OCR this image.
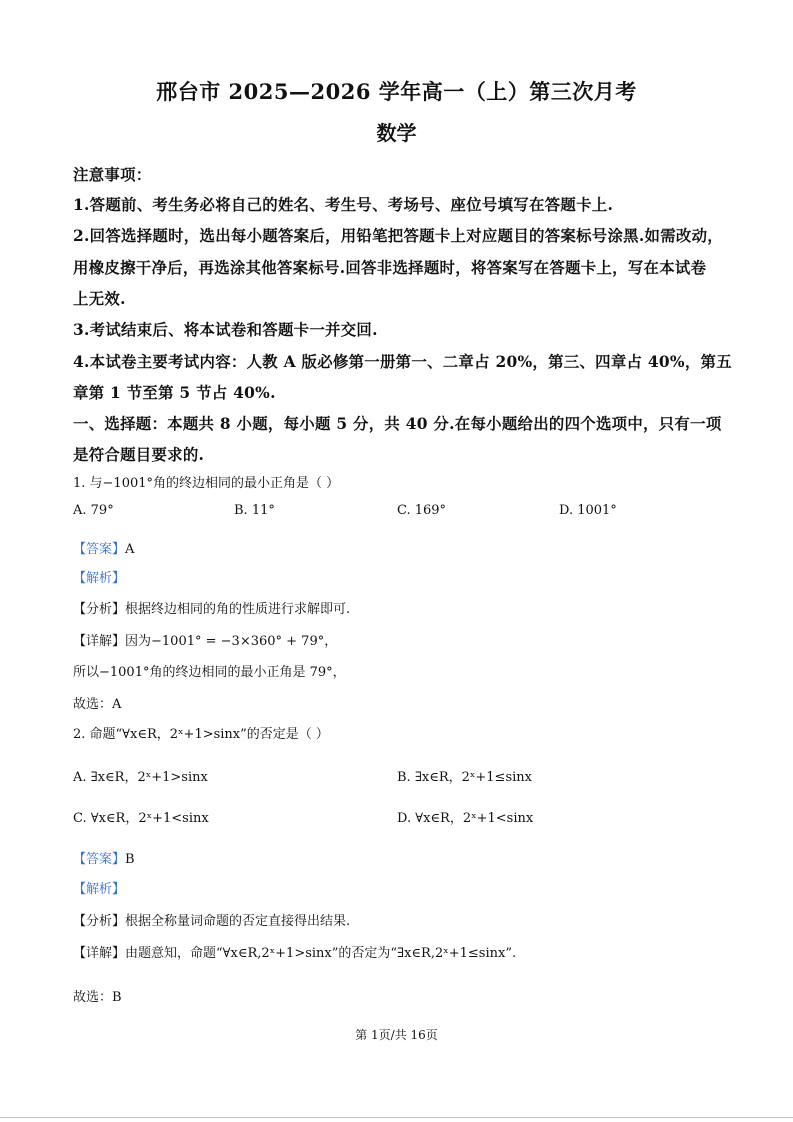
邢台市 2025—2026 学年高一（上）第三次月考
数学
注意事项：
1.答题前、考生务必将自己的姓名、考生号、考场号、座位号填写在答题卡上.
2.回答选择题时，选出每小题答案后，用铅笔把答题卡上对应题目的答案标号涂黑.如需改动，
用橡皮擦干净后，再选涂其他答案标号.回答非选择题时，将答案写在答题卡上，写在本试卷
上无效.
3.考试结束后、将本试卷和答题卡一并交回.
4.本试卷主要考试内容：人教 A 版必修第一册第一、二章占 20%，第三、四章占 40%，第五
章第 1 节至第 5 节占 40%.
一、选择题：本题共 8 小题，每小题 5 分，共 40 分.在每小题给出的四个选项中，只有一项
是符合题目要求的.
1. 与−1001°角的终边相同的最小正角是（ ）
A. 79°	B. 11°	C. 169°	D. 1001°
【答案】A
【解析】
【分析】根据终边相同的角的性质进行求解即可.
【详解】因为−1001° = −3×360° + 79°，
所以−1001°角的终边相同的最小正角是 79°，
故选：A
2. 命题“∀x∈R，2ˣ+1>sinx”的否定是（ ）
A. ∃x∈R，2ˣ+1>sinx	B. ∃x∈R，2ˣ+1≤sinx
C. ∀x∈R，2ˣ+1<sinx	D. ∀x∈R，2ˣ+1<sinx
【答案】B
【解析】
【分析】根据全称量词命题的否定直接得出结果.
【详解】由题意知，命题“∀x∈R,2ˣ+1>sinx”的否定为“∃x∈R,2ˣ+1≤sinx”.
故选：B
第 1页/共 16页
